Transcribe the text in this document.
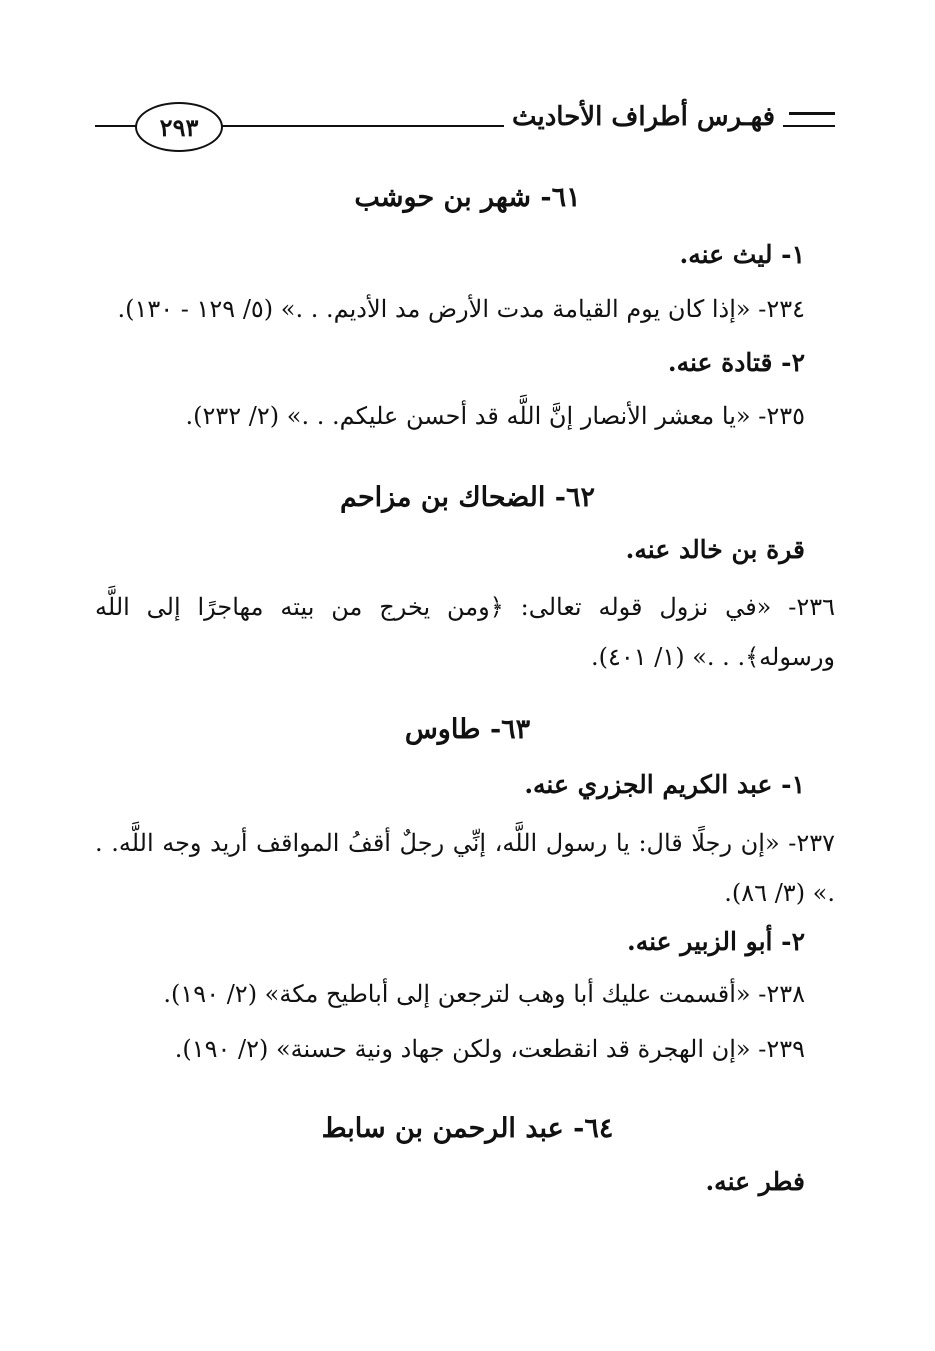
فهـرس أطراف الأحاديث
٢٩٣
٦١- شهر بن حوشب
١- ليث عنه.
٢٣٤- «إذا كان يوم القيامة مدت الأرض مد الأديم. . .» (٥/ ١٢٩ - ١٣٠).
٢- قتادة عنه.
٢٣٥- «يا معشر الأنصار إنَّ اللَّه قد أحسن عليكم. . .» (٢/ ٢٣٢).
٦٢- الضحاك بن مزاحم
قرة بن خالد عنه.
٢٣٦- «في نزول قوله تعالى: ﴿ومن يخرج من بيته مهاجرًا إلى اللَّه ورسوله﴾. . .» (١/ ٤٠١).
٦٣- طاوس
١- عبد الكريم الجزري عنه.
٢٣٧- «إن رجلًا قال: يا رسول اللَّه، إنِّي رجلٌ أقفُ المواقف أريد وجه اللَّه. . .» (٣/ ٨٦).
٢- أبو الزبير عنه.
٢٣٨- «أقسمت عليك أبا وهب لترجعن إلى أباطيح مكة» (٢/ ١٩٠).
٢٣٩- «إن الهجرة قد انقطعت، ولكن جهاد ونية حسنة» (٢/ ١٩٠).
٦٤- عبد الرحمن بن سابط
فطر عنه.
